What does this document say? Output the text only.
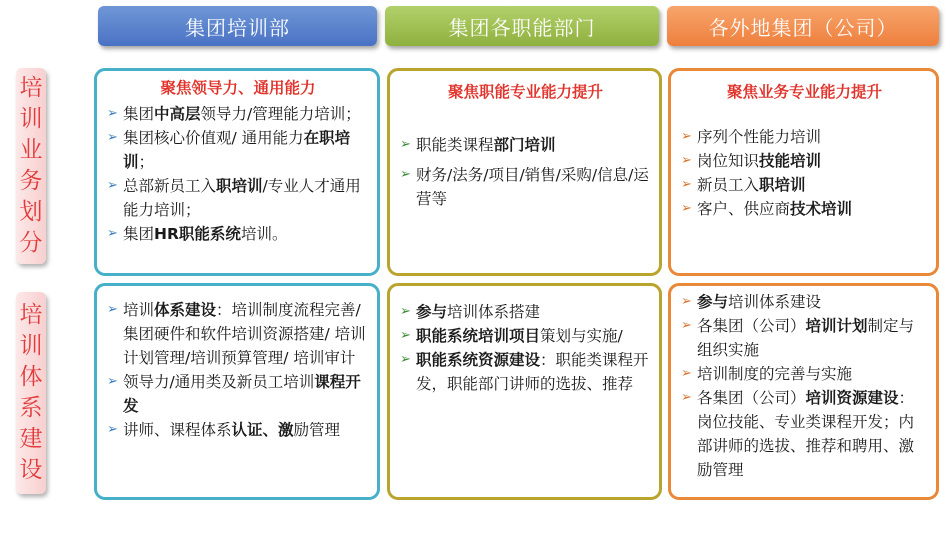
集团培训部	集团各职能部门	各外地集团（公司）
培
训
业
务
划
分
培
训
体
系
建
设
聚焦领导力、通用能力
➢ 集团中高层领导力/管理能力培训；
➢ 集团核心价值观/ 通用能力在职培训；
➢ 总部新员工入职培训/专业人才通用能力培训；
➢ 集团HR职能系统培训。
聚焦职能专业能力提升
➢ 职能类课程部门培训
➢ 财务/法务/项目/销售/采购/信息/运营等
聚焦业务专业能力提升
➢ 序列个性能力培训
➢ 岗位知识技能培训
➢ 新员工入职培训
➢ 客户、供应商技术培训
➢ 培训体系建设：培训制度流程完善/ 集团硬件和软件培训资源搭建/ 培训计划管理/培训预算管理/ 培训审计
➢ 领导力/通用类及新员工培训课程开发
➢ 讲师、课程体系认证、激励管理
➢ 参与培训体系搭建
➢ 职能系统培训项目策划与实施/
➢ 职能系统资源建设：职能类课程开发，职能部门讲师的选拔、推荐
➢ 参与培训体系建设
➢ 各集团（公司）培训计划制定与组织实施
➢ 培训制度的完善与实施
➢ 各集团（公司）培训资源建设：岗位技能、专业类课程开发；内部讲师的选拔、推荐和聘用、激励管理
